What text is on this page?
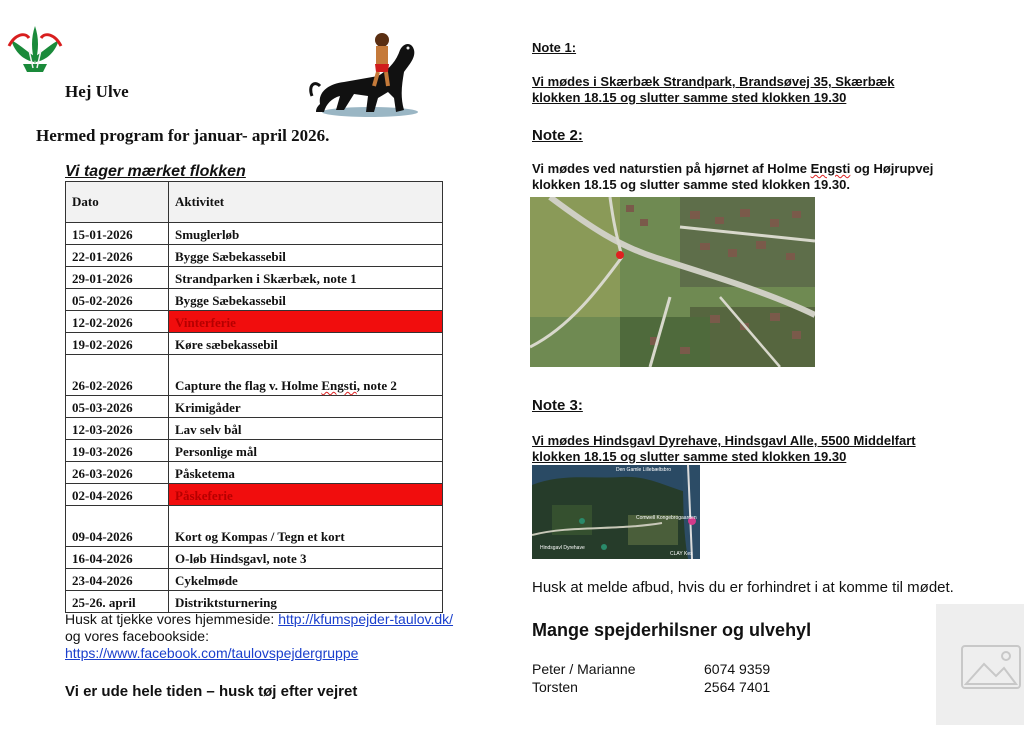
Hej Ulve
Hermed program for januar- april 2026.
Vi tager mærket flokken
Dato	Aktivitet
15-01-2026	Smuglerløb
22-01-2026	Bygge Sæbekassebil
29-01-2026	Strandparken i Skærbæk, note 1
05-02-2026	Bygge Sæbekassebil
12-02-2026	Vinterferie
19-02-2026	Køre sæbekassebil
26-02-2026	Capture the flag v. Holme Engsti, note 2
05-03-2026	Krimigåder
12-03-2026	Lav selv bål
19-03-2026	Personlige mål
26-03-2026	Påsketema
02-04-2026	Påskeferie
09-04-2026	Kort og Kompas / Tegn et kort
16-04-2026	O-løb Hindsgavl, note 3
23-04-2026	Cykelmøde
25-26. april	Distriktsturnering
Husk at tjekke vores hjemmeside: http://kfumspejder-taulov.dk/
og vores facebookside:
https://www.facebook.com/taulovspejdergruppe
Vi er ude hele tiden – husk tøj efter vejret
Note 1:
Vi mødes i Skærbæk Strandpark, Brandsøvej 35, Skærbæk
klokken 18.15 og slutter samme sted klokken 19.30
Note 2:
Vi mødes ved naturstien på hjørnet af Holme Engsti og Højrupvej
klokken 18.15 og slutter samme sted klokken 19.30.
Note 3:
Vi mødes Hindsgavl Dyrehave, Hindsgavl Alle, 5500 Middelfart
klokken 18.15 og slutter samme sted klokken 19.30
Den Gamle Lillebæltsbro
Comwell Kongebrogaarden
Hindsgavl Dyrehave
CLAY Kes
Husk at melde afbud, hvis du er forhindret i at komme til mødet.
Mange spejderhilsner og ulvehyl
Peter / Marianne	6074 9359
Torsten	2564 7401
